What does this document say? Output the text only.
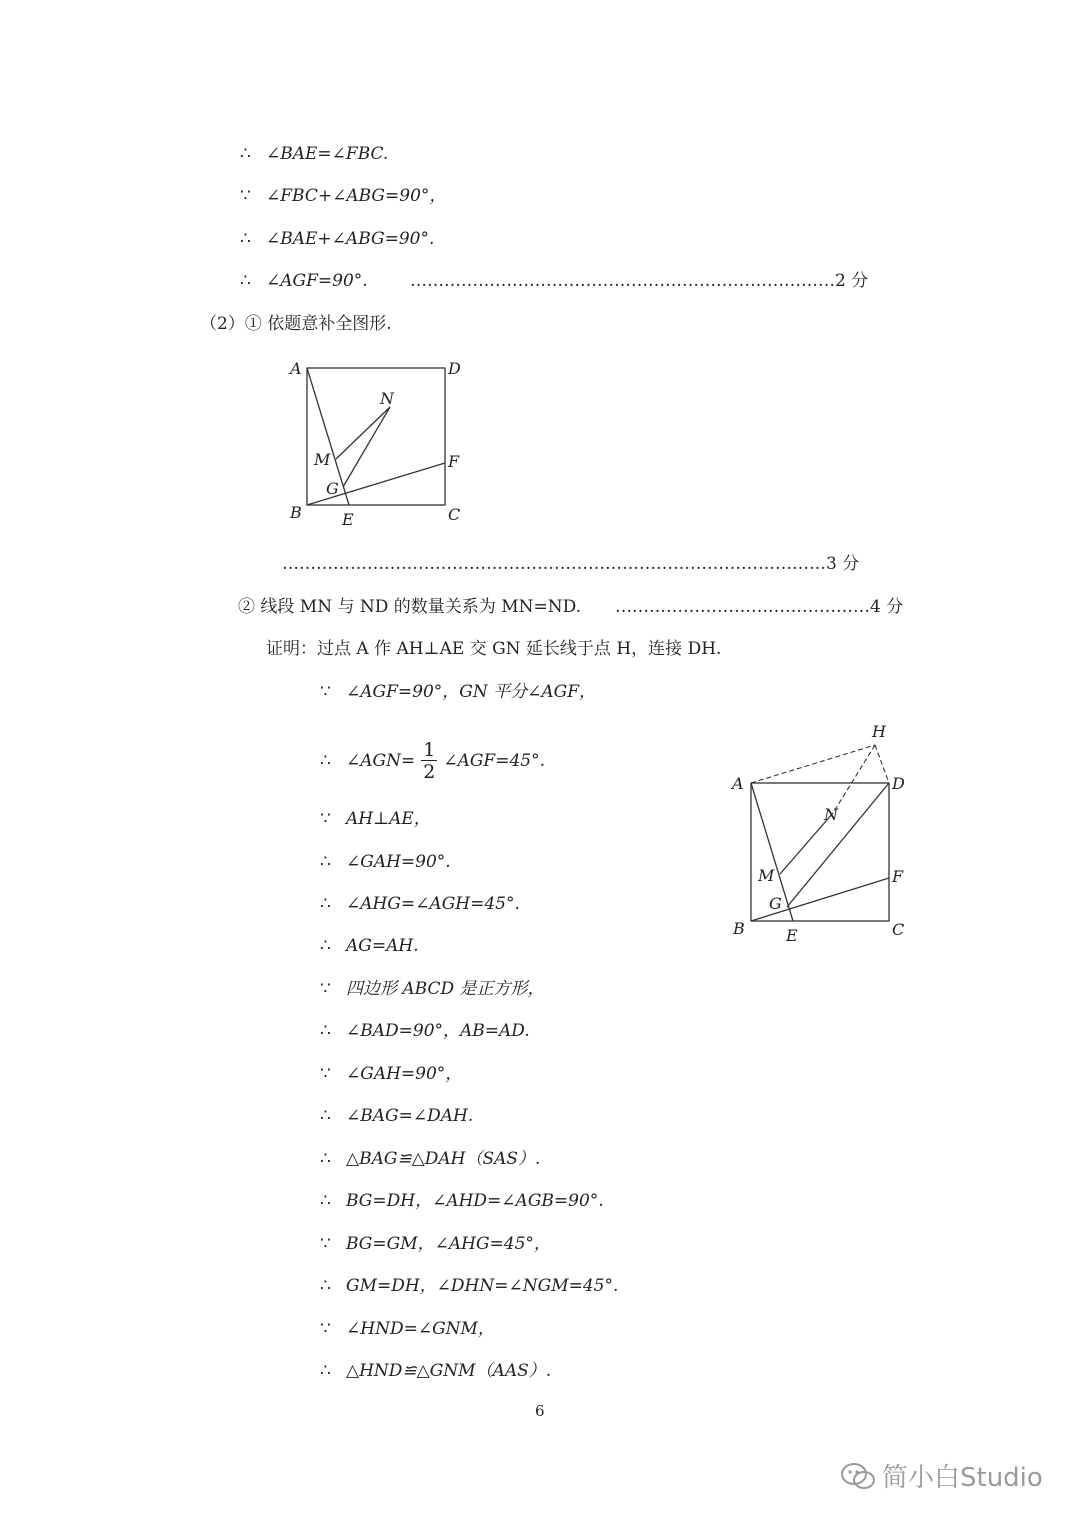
∴ ∠BAE=∠FBC.
∵ ∠FBC+∠ABG=90°，
∴ ∠BAE+∠ABG=90°.
∴ ∠AGF=90°. …………………………………………………………………2 分
（2）① 依题意补全图形.
A	D
N
M	F
G
B	E	C
……………………………………………………………………………………3 分
② 线段 MN 与 ND 的数量关系为 MN=ND. ………………………………………4 分
证明：过点 A 作 AH⊥AE 交 GN 延长线于点 H，连接 DH.
∵ ∠AGF=90°，GN 平分∠AGF，
∴ ∠AGN= $\frac{1}{2}$ ∠AGF=45°.
∵ AH⊥AE，
∴ ∠GAH=90°.
∴ ∠AHG=∠AGH=45°.
∴ AG=AH.
∵ 四边形 ABCD 是正方形，
∴ ∠BAD=90°，AB=AD.
∵ ∠GAH=90°，
∴ ∠BAG=∠DAH.
∴ △BAG≌△DAH（SAS）.
∴ BG=DH，∠AHD=∠AGB=90°.
∵ BG=GM，∠AHG=45°，
∴ GM=DH，∠DHN=∠NGM=45°.
∵ ∠HND=∠GNM，
∴ △HND≌△GNM（AAS）.
H
A	D
N
M	F
G
B	E	C
6
简小白Studio
